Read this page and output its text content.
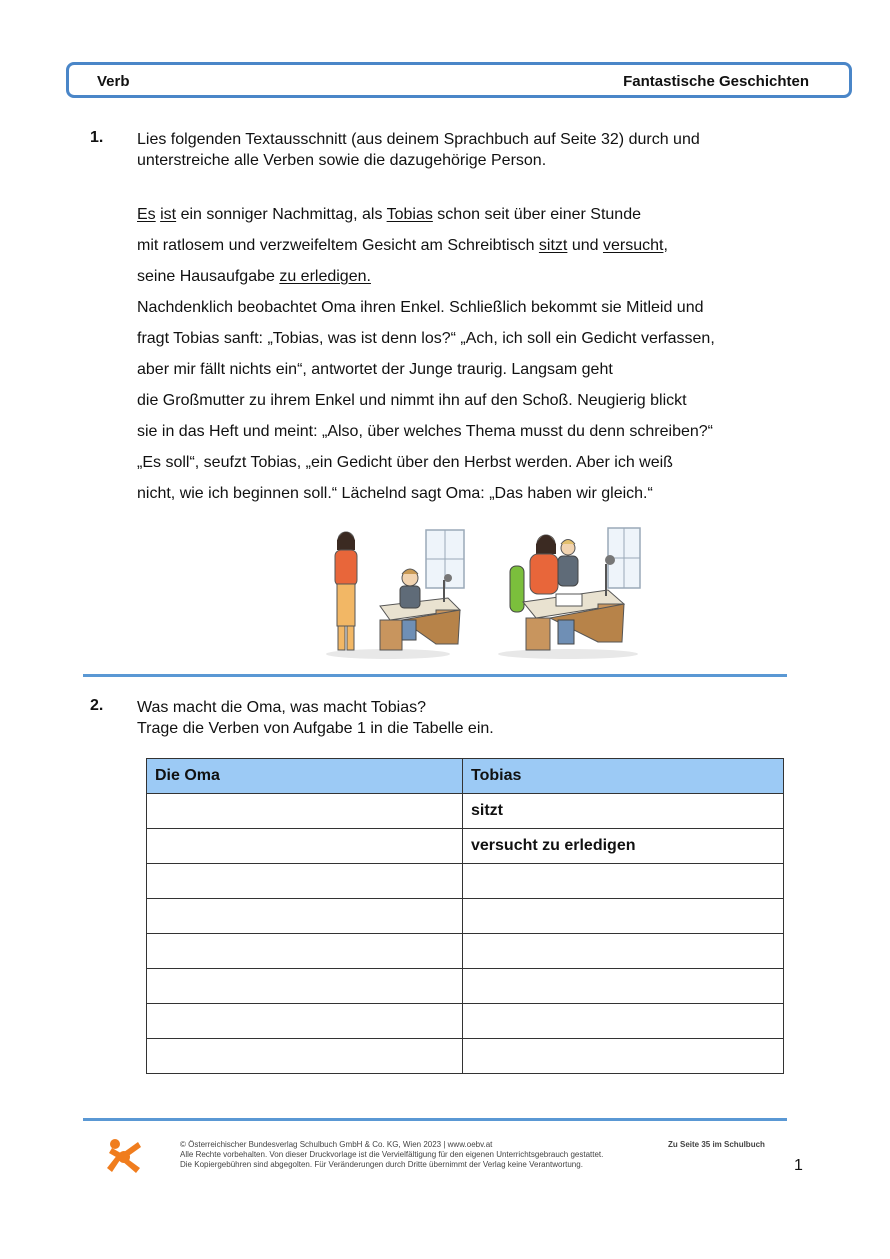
Verb	Fantastische Geschichten
1. Lies folgenden Textausschnitt (aus deinem Sprachbuch auf Seite 32) durch und
unterstreiche alle Verben sowie die dazugehörige Person.
Es ist ein sonniger Nachmittag, als Tobias schon seit über einer Stunde
mit ratlosem und verzweifeltem Gesicht am Schreibtisch sitzt und versucht,
seine Hausaufgabe zu erledigen.
Nachdenklich beobachtet Oma ihren Enkel. Schließlich bekommt sie Mitleid und
fragt Tobias sanft: „Tobias, was ist denn los?“ „Ach, ich soll ein Gedicht verfassen,
aber mir fällt nichts ein“, antwortet der Junge traurig. Langsam geht
die Großmutter zu ihrem Enkel und nimmt ihn auf den Schoß. Neugierig blickt
sie in das Heft und meint: „Also, über welches Thema musst du denn schreiben?“
„Es soll“, seufzt Tobias, „ein Gedicht über den Herbst werden. Aber ich weiß
nicht, wie ich beginnen soll.“ Lächelnd sagt Oma: „Das haben wir gleich.“
2. Was macht die Oma, was macht Tobias?
Trage die Verben von Aufgabe 1 in die Tabelle ein.
Die Oma	Tobias
	sitzt
	versucht zu erledigen

© Österreichischer Bundesverlag Schulbuch GmbH & Co. KG, Wien 2023 | www.oebv.at
Alle Rechte vorbehalten. Von dieser Druckvorlage ist die Vervielfältigung für den eigenen Unterrichtsgebrauch gestattet.
Die Kopiergebühren sind abgegolten. Für Veränderungen durch Dritte übernimmt der Verlag keine Verantwortung.
Zu Seite 35 im Schulbuch
1
